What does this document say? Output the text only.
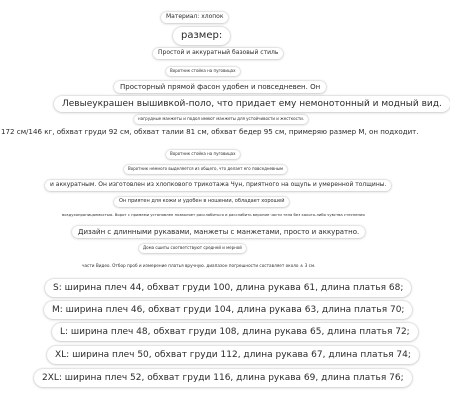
Материал: хлопок
размер:
Простой и аккуратный базовый стиль
Воротник стойка на пуговицах
Просторный прямой фасон удобен и повседневен. Он
Левыеукрашен вышивкой-поло, что придает ему немонотонный и модный вид.
нагрудные манжеты и подол имеют манжеты для устойчивости и жесткости.
172 см/146 кг, обхват груди 92 см, обхват талии 81 см, обхват бедер 95 см, примеряю размер М, он подходит.
Воротник стойка на пуговицах
Воротник немного выделяется из общего, что делает его повседневным
и аккуратным. Он изготовлен из хлопкового трикотажа Чун, приятного на ощупь и умеренной толщины.
Он приятен для кожи и удобен в ношении, обладает хорошей
воздухопроницаемостью. Ворот с примеми установлен позволяет расслабиться и расслабить верхние части тела без какого-либо чувства стеснения
Дизайн с длинными рукавами, манжеты с манжетами, просто и аккуратно.
Дома сшиты соответствуют средней и мерной
части Видео. Отбор проб и измерение платья вручную. диапазон погрешности составляет около ± 3 см.
S: ширина плеч 44, обхват груди 100, длина рукава 61, длина платья 68;
M: ширина плеч 46, обхват груди 104, длина рукава 63, длина платья 70;
L: ширина плеч 48, обхват груди 108, длина рукава 65, длина платья 72;
XL: ширина плеч 50, обхват груди 112, длина рукава 67, длина платья 74;
2XL: ширина плеч 52, обхват груди 116, длина рукава 69, длина платья 76;
